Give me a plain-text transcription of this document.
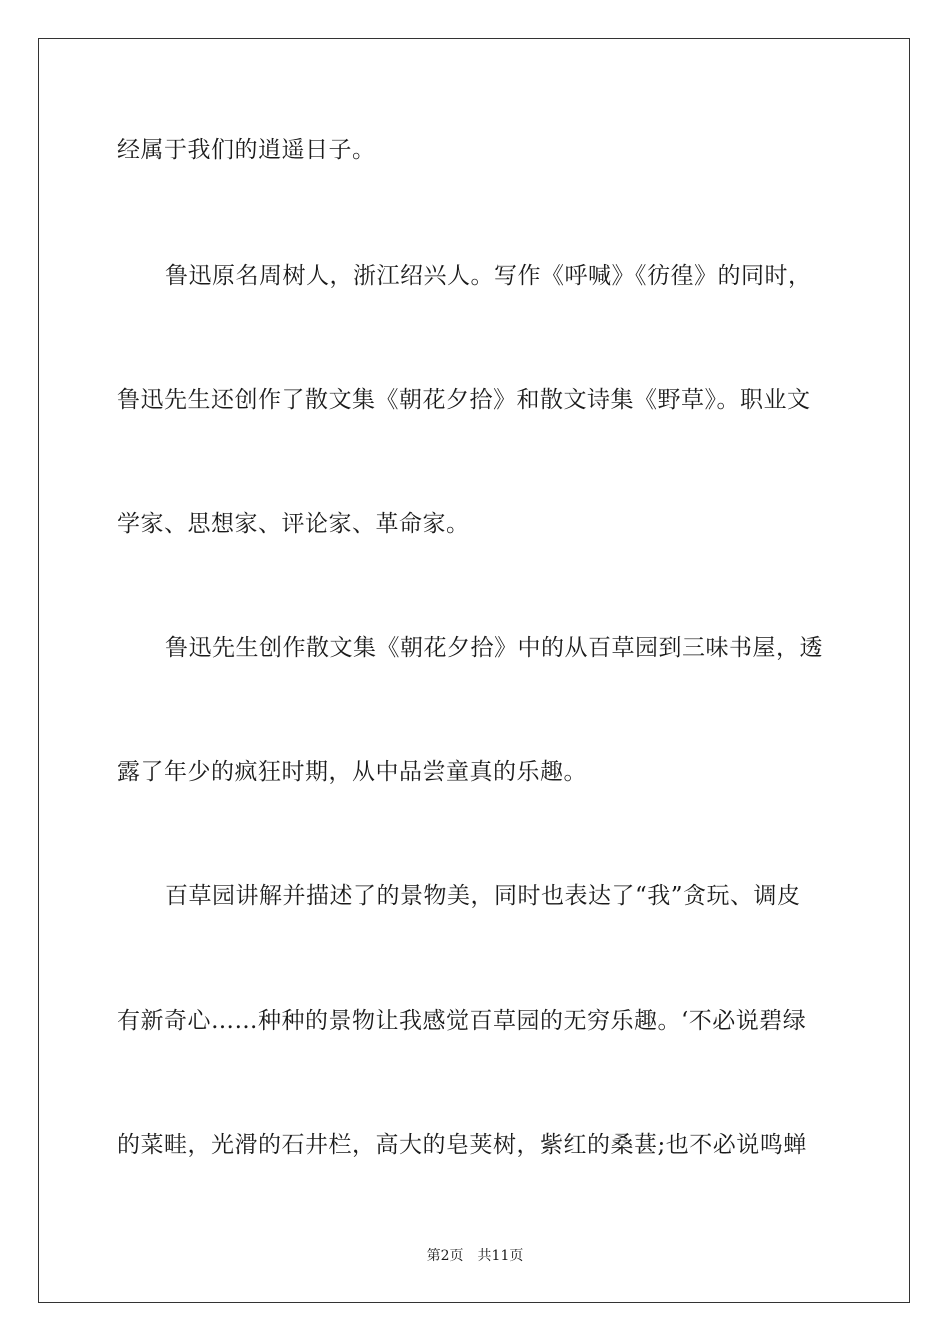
经属于我们的逍遥日子。
鲁迅原名周树人，浙江绍兴人。写作《呼喊》《彷徨》的同时，
鲁迅先生还创作了散文集《朝花夕拾》和散文诗集《野草》。职业文
学家、思想家、评论家、革命家。
鲁迅先生创作散文集《朝花夕拾》中的从百草园到三味书屋，透
露了年少的疯狂时期，从中品尝童真的乐趣。
百草园讲解并描述了的景物美，同时也表达了“我”贪玩、调皮
有新奇心……种种的景物让我感觉百草园的无穷乐趣。‘不必说碧绿
的菜畦，光滑的石井栏，高大的皂荚树，紫红的桑葚;也不必说鸣蝉
第2页 共11页
